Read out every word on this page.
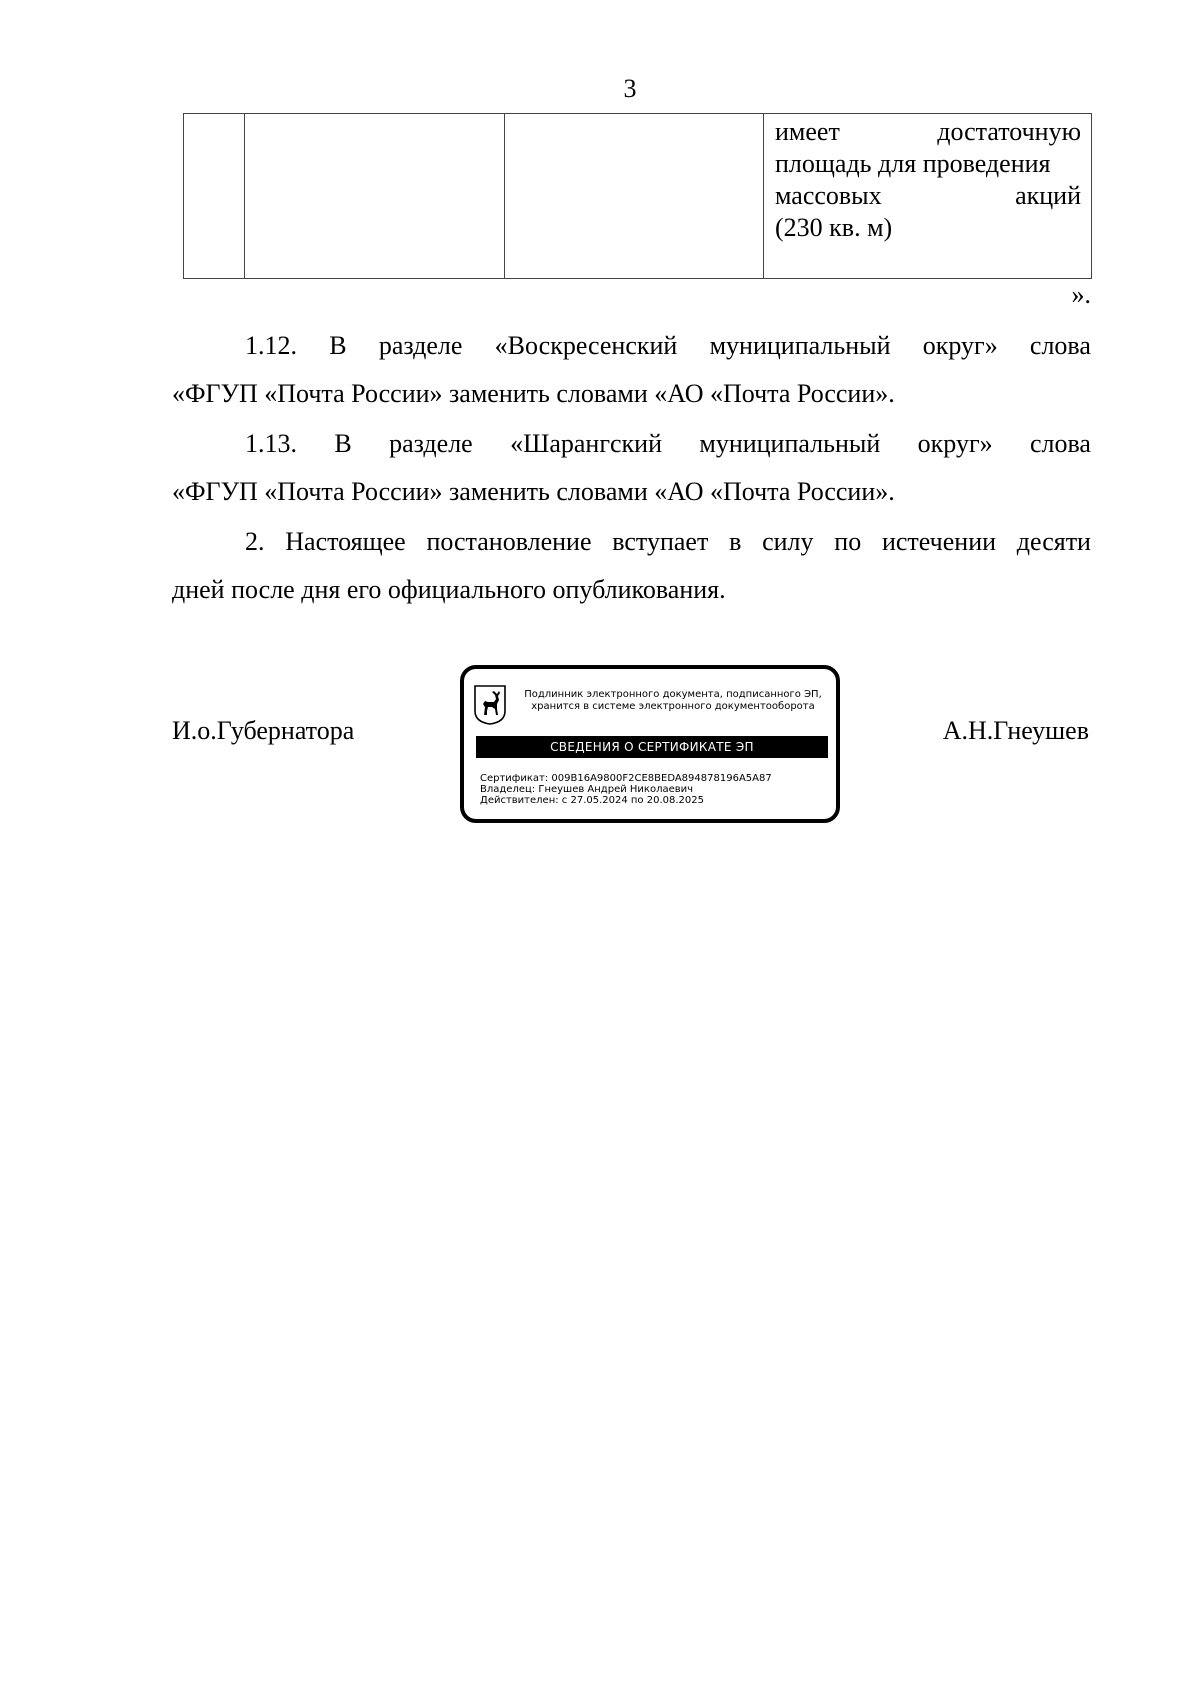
3

имеет	достаточную
площадь для проведения
массовых	акций
(230 кв. м)
».
1.12. В разделе «Воскресенский муниципальный округ» слова
«ФГУП «Почта России» заменить словами «АО «Почта России».
1.13. В разделе «Шарангский муниципальный округ» слова
«ФГУП «Почта России» заменить словами «АО «Почта России».
2. Настоящее постановление вступает в силу по истечении десяти
дней после дня его официального опубликования.
И.о.Губернатора
Подлинник электронного документа, подписанного ЭП,
хранится в системе электронного документооборота
СВЕДЕНИЯ О СЕРТИФИКАТЕ ЭП
Сертификат: 009B16A9800F2CE8BEDA894878196A5A87
Владелец: Гнеушев Андрей Николаевич
Действителен: с 27.05.2024 по 20.08.2025
А.Н.Гнеушев
